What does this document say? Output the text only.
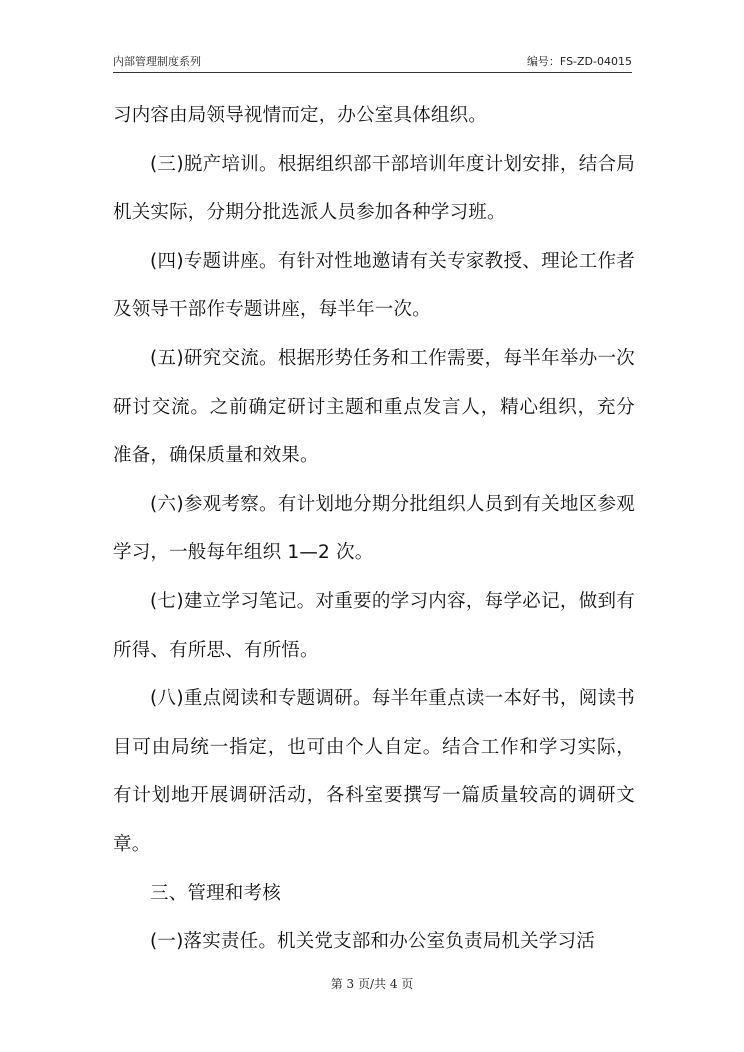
内部管理制度系列	编号：FS-ZD-04015

习内容由局领导视情而定，办公室具体组织。

(三)脱产培训。根据组织部干部培训年度计划安排，结合局机关实际，分期分批选派人员参加各种学习班。

(四)专题讲座。有针对性地邀请有关专家教授、理论工作者及领导干部作专题讲座，每半年一次。

(五)研究交流。根据形势任务和工作需要，每半年举办一次研讨交流。之前确定研讨主题和重点发言人，精心组织，充分准备，确保质量和效果。

(六)参观考察。有计划地分期分批组织人员到有关地区参观学习，一般每年组织 1—2 次。

(七)建立学习笔记。对重要的学习内容，每学必记，做到有所得、有所思、有所悟。

(八)重点阅读和专题调研。每半年重点读一本好书，阅读书目可由局统一指定，也可由个人自定。结合工作和学习实际，有计划地开展调研活动，各科室要撰写一篇质量较高的调研文章。

三、管理和考核

(一)落实责任。机关党支部和办公室负责局机关学习活

第 3 页/共 4 页
